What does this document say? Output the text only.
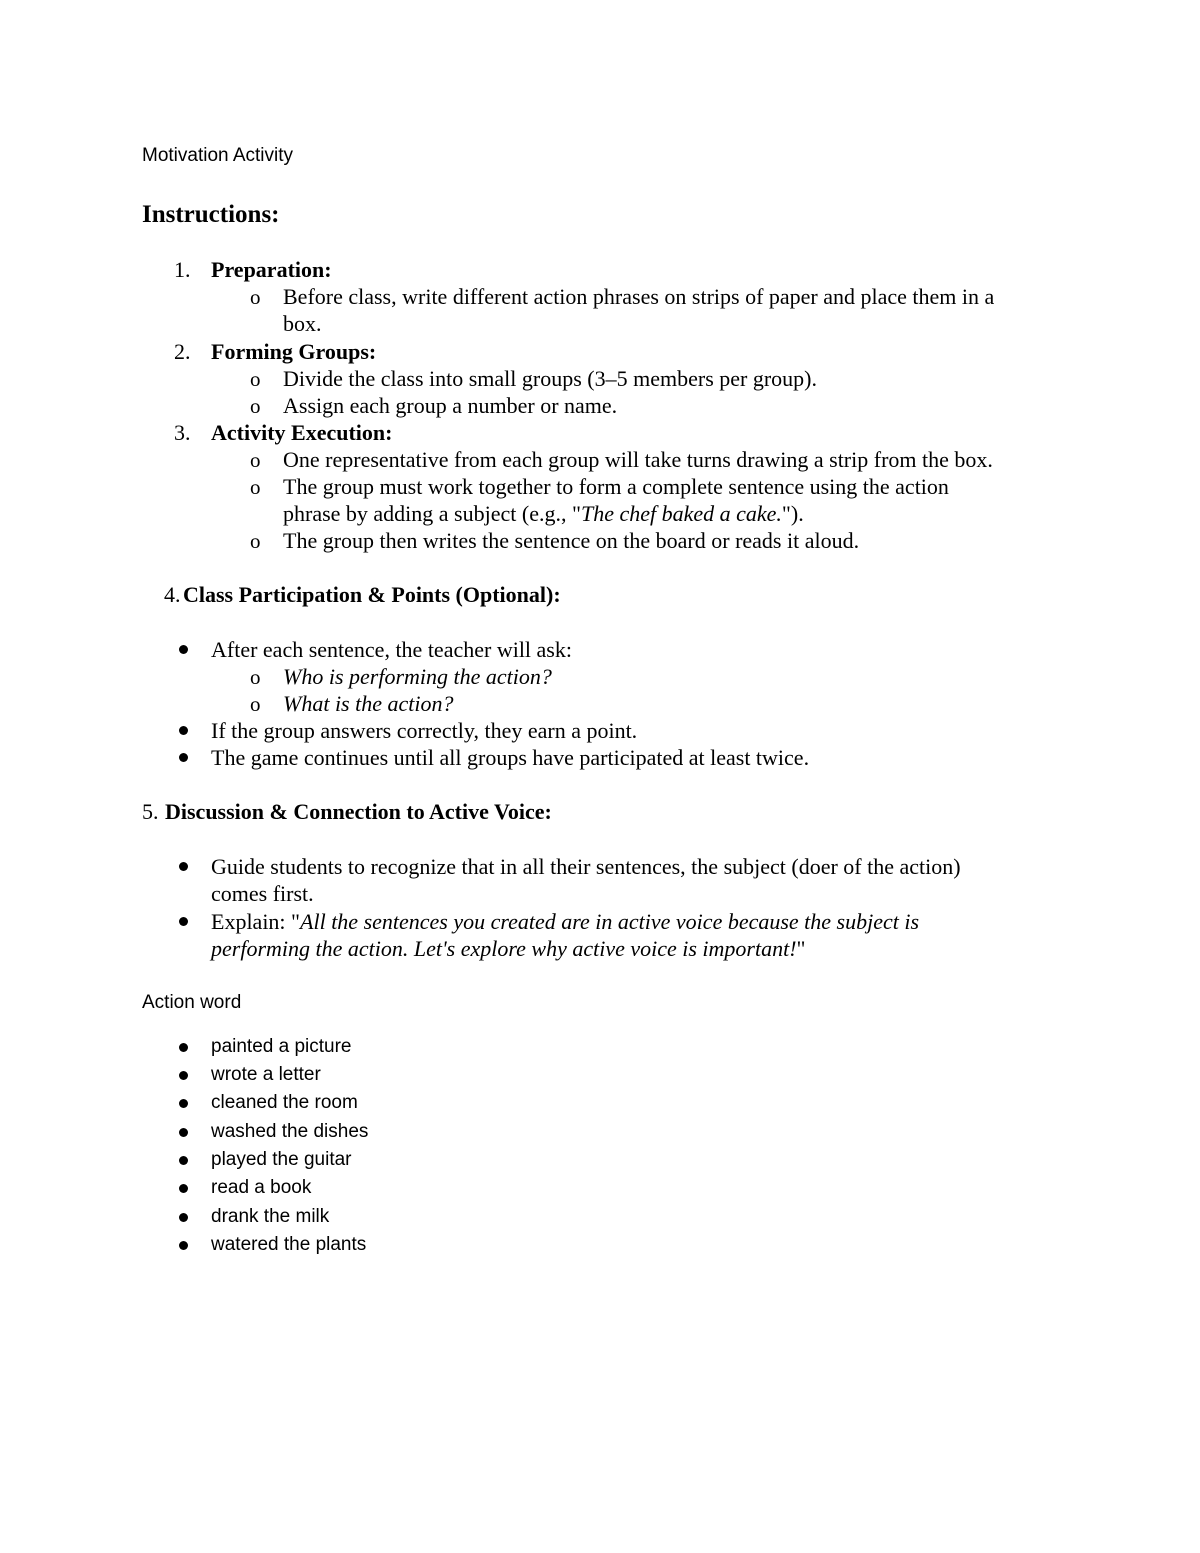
Motivation Activity
Instructions:
1. Preparation:
o Before class, write different action phrases on strips of paper and place them in a
box.
2. Forming Groups:
o Divide the class into small groups (3–5 members per group).
o Assign each group a number or name.
3. Activity Execution:
o One representative from each group will take turns drawing a strip from the box.
o The group must work together to form a complete sentence using the action
phrase by adding a subject (e.g., "The chef baked a cake.").
o The group then writes the sentence on the board or reads it aloud.
4. Class Participation & Points (Optional):
After each sentence, the teacher will ask:
o Who is performing the action?
o What is the action?
If the group answers correctly, they earn a point.
The game continues until all groups have participated at least twice.
5. Discussion & Connection to Active Voice:
Guide students to recognize that in all their sentences, the subject (doer of the action)
comes first.
Explain: "All the sentences you created are in active voice because the subject is
performing the action. Let's explore why active voice is important!"
Action word
painted a picture
wrote a letter
cleaned the room
washed the dishes
played the guitar
read a book
drank the milk
watered the plants
